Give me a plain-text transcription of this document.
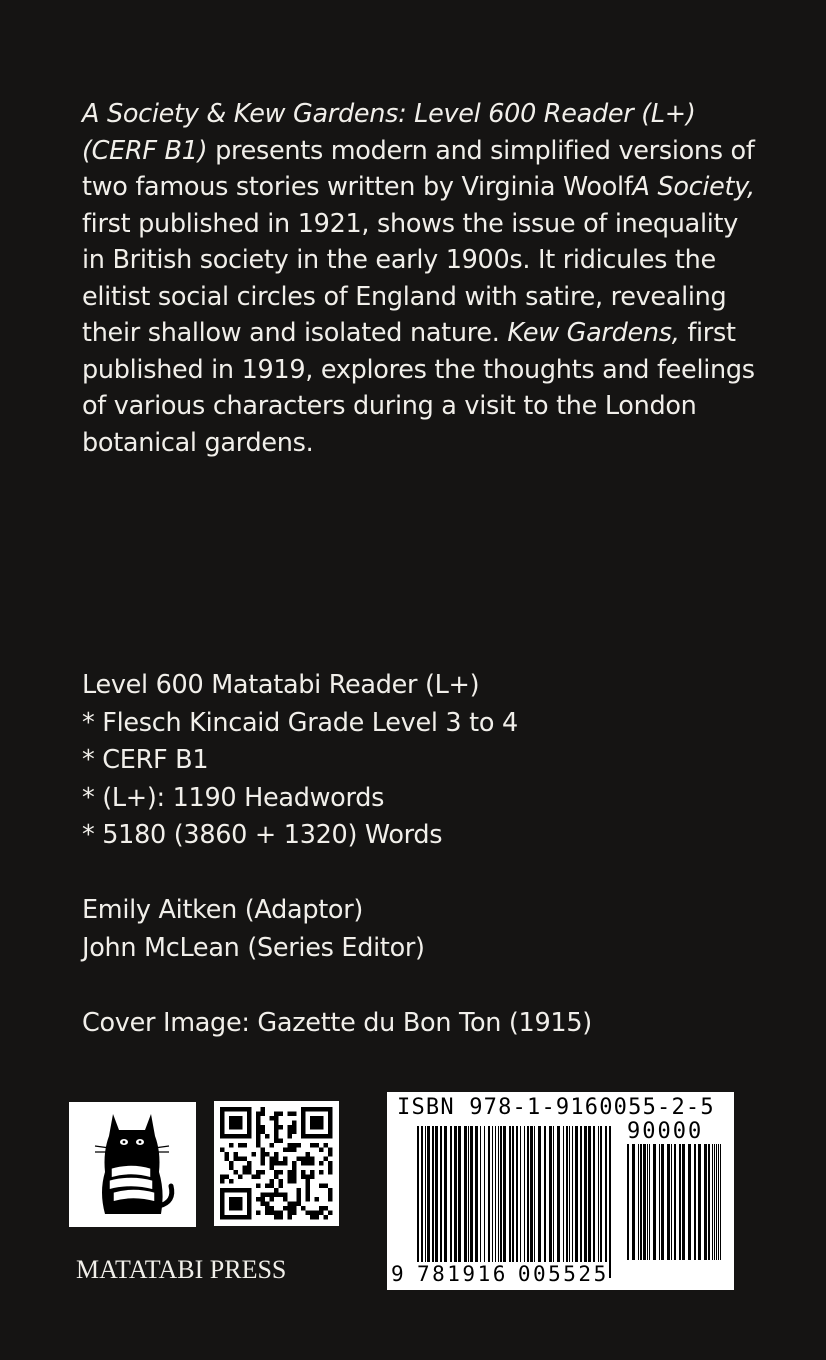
A Society & Kew Gardens: Level 600 Reader (L+) (CERF B1) presents modern and simplified versions of two famous stories written by Virginia WoolfA Society, first published in 1921, shows the issue of inequality in British society in the early 1900s. It ridicules the elitist social circles of England with satire, revealing their shallow and isolated nature. Kew Gardens, first published in 1919, explores the thoughts and feelings of various characters during a visit to the London botanical gardens.

Level 600 Matatabi Reader (L+)
* Flesch Kincaid Grade Level 3 to 4
* CERF B1
* (L+): 1190 Headwords
* 5180 (3860 + 1320) Words
Emily Aitken (Adaptor)
John McLean (Series Editor)
Cover Image: Gazette du Bon Ton (1915)
MATATABI PRESS
ISBN 978-1-9160055-2-5
90000
9 781916 005525
